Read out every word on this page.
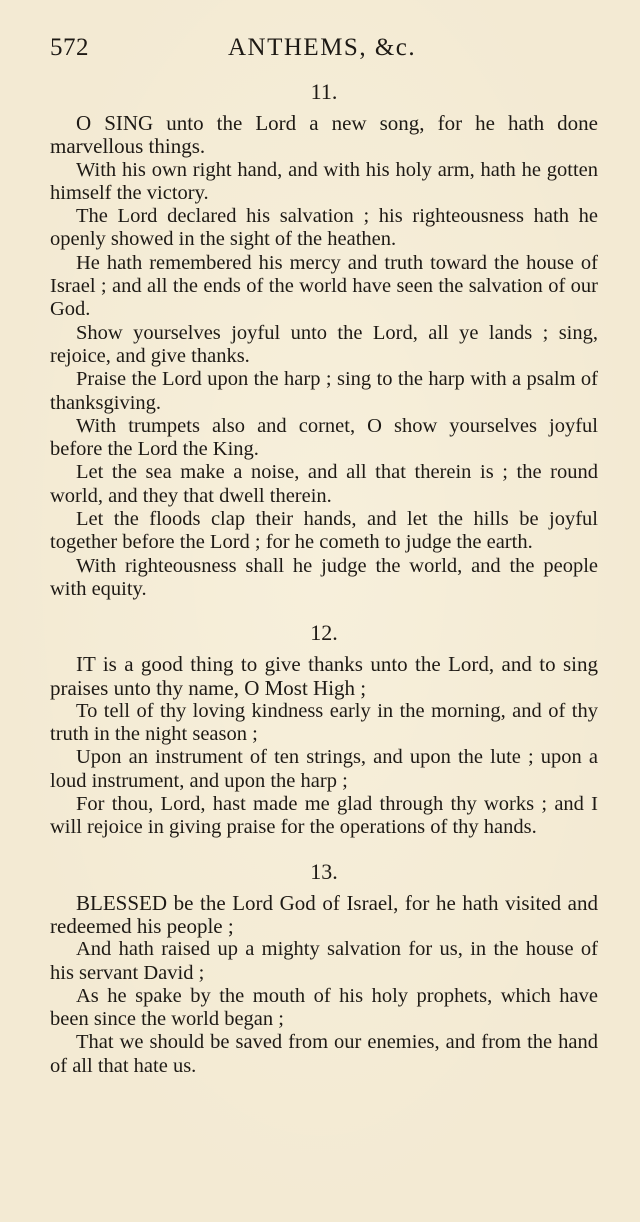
572	ANTHEMS, &c.
11.

O SING unto the Lord a new song, for he hath done marvellous things.

With his own right hand, and with his holy arm, hath he gotten himself the victory.

The Lord declared his salvation ; his righteousness hath he openly showed in the sight of the heathen.

He hath remembered his mercy and truth toward the house of Israel ; and all the ends of the world have seen the salvation of our God.

Show yourselves joyful unto the Lord, all ye lands ; sing, rejoice, and give thanks.

Praise the Lord upon the harp ; sing to the harp with a psalm of thanksgiving.

With trumpets also and cornet, O show yourselves joyful before the Lord the King.

Let the sea make a noise, and all that therein is ; the round world, and they that dwell therein.

Let the floods clap their hands, and let the hills be joyful together before the Lord ; for he cometh to judge the earth.

With righteousness shall he judge the world, and the people with equity.

12.

IT is a good thing to give thanks unto the Lord, and to sing praises unto thy name, O Most High ;

To tell of thy loving kindness early in the morning, and of thy truth in the night season ;

Upon an instrument of ten strings, and upon the lute ; upon a loud instrument, and upon the harp ;

For thou, Lord, hast made me glad through thy works ; and I will rejoice in giving praise for the operations of thy hands.

13.

BLESSED be the Lord God of Israel, for he hath visited and redeemed his people ;

And hath raised up a mighty salvation for us, in the house of his servant David ;

As he spake by the mouth of his holy prophets, which have been since the world began ;

That we should be saved from our enemies, and from the hand of all that hate us.
